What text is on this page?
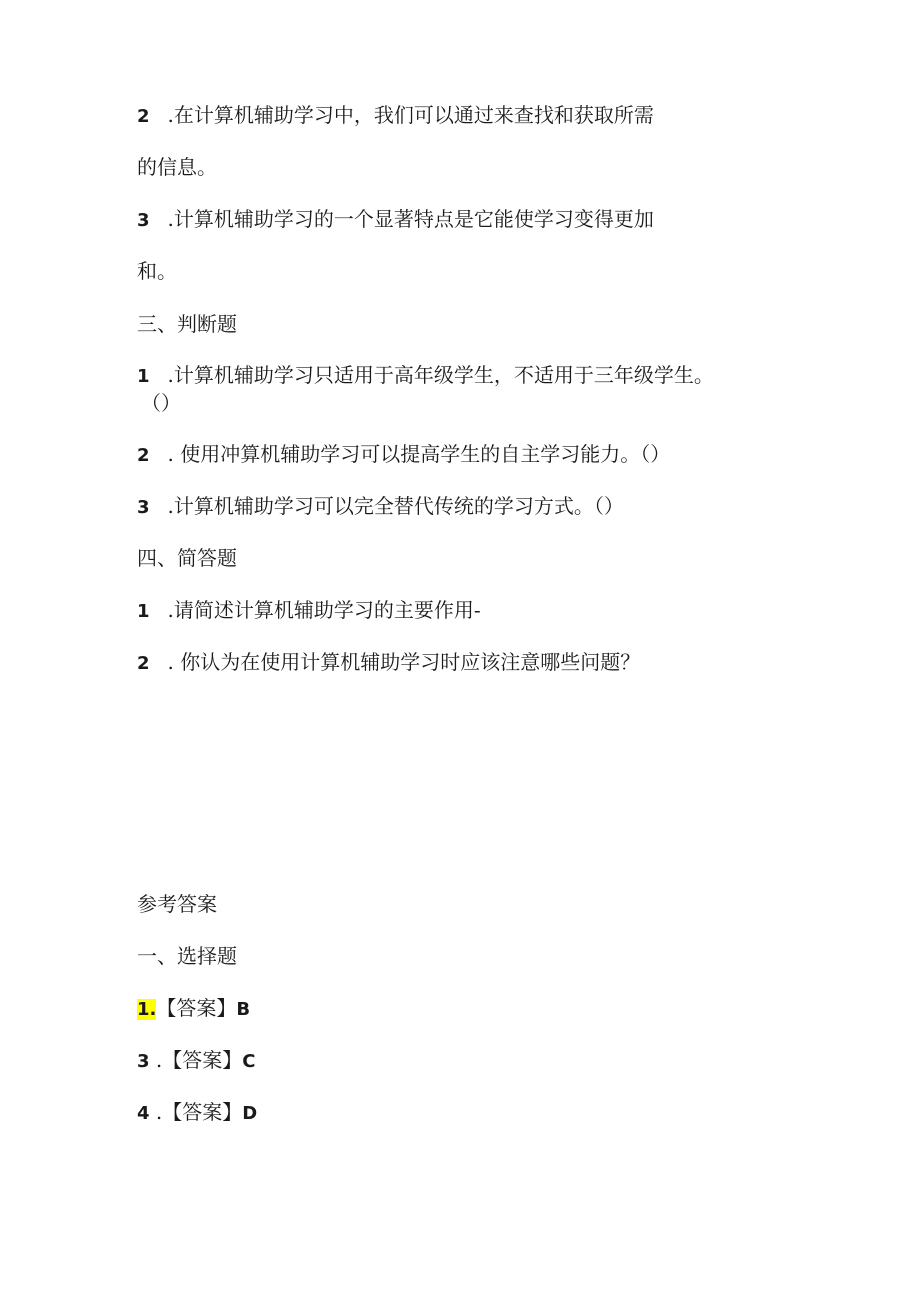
2 .在计算机辅助学习中，我们可以通过来查找和获取所需
的信息。
3 .计算机辅助学习的一个显著特点是它能使学习变得更加
和。
三、判断题
1 .计算机辅助学习只适用于高年级学生，不适用于三年级学生。
（）
2 . 使用冲算机辅助学习可以提高学生的自主学习能力。（）
3 .计算机辅助学习可以完全替代传统的学习方式。（）
四、简答题
1 .请简述计算机辅助学习的主要作用-
2 . 你认为在使用计算机辅助学习时应该注意哪些问题？
参考答案
一、选择题
1.【答案】B
3 .【答案】C
4 .【答案】D
